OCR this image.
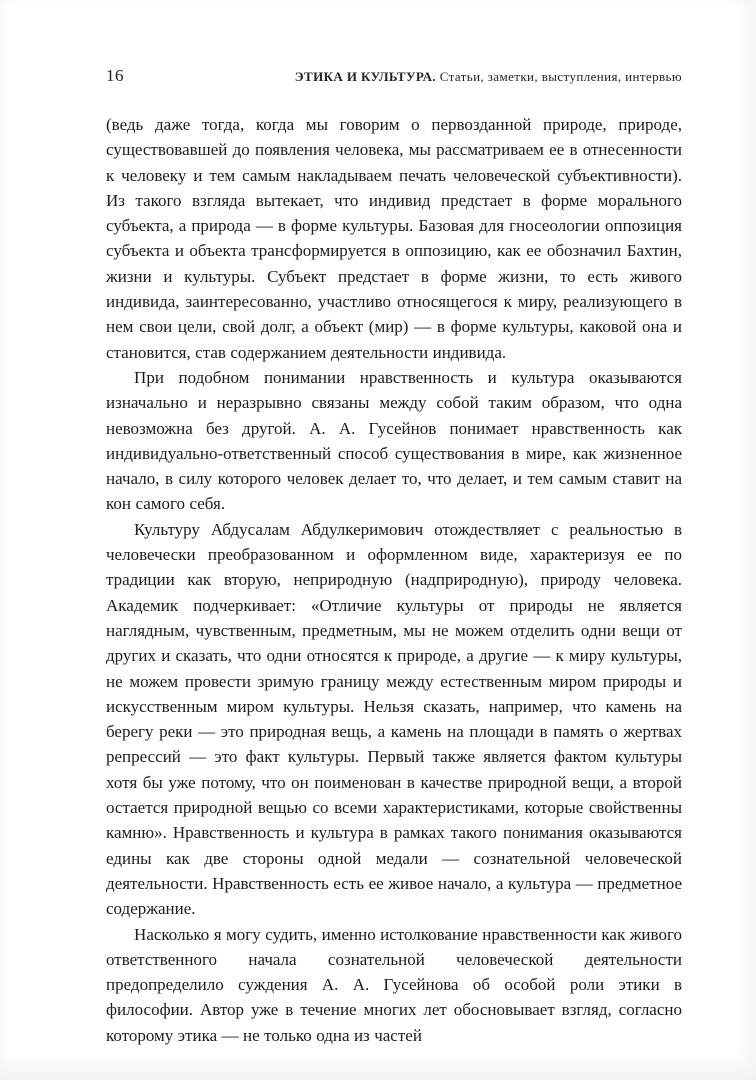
16	ЭТИКА И КУЛЬТУРА. Статьи, заметки, выступления, интервью

(ведь даже тогда, когда мы говорим о первозданной природе, природе, существовавшей до появления человека, мы рассматриваем ее в отнесенности к человеку и тем самым накладываем печать человеческой субъективности). Из такого взгляда вытекает, что индивид предстает в форме морального субъекта, а природа — в форме культуры. Базовая для гносеологии оппозиция субъекта и объекта трансформируется в оппозицию, как ее обозначил Бахтин, жизни и культуры. Субъект предстает в форме жизни, то есть живого индивида, заинтересованно, участливо относящегося к миру, реализующего в нем свои цели, свой долг, а объект (мир) — в форме культуры, каковой она и становится, став содержанием деятельности индивида.

При подобном понимании нравственность и культура оказываются изначально и неразрывно связаны между собой таким образом, что одна невозможна без другой. А. А. Гусейнов понимает нравственность как индивидуально-ответственный способ существования в мире, как жизненное начало, в силу которого человек делает то, что делает, и тем самым ставит на кон самого себя.

Культуру Абдусалам Абдулкеримович отождествляет с реальностью в человечески преобразованном и оформленном виде, характеризуя ее по традиции как вторую, неприродную (надприродную), природу человека. Академик подчеркивает: «Отличие культуры от природы не является наглядным, чувственным, предметным, мы не можем отделить одни вещи от других и сказать, что одни относятся к природе, а другие — к миру культуры, не можем провести зримую границу между естественным миром природы и искусственным миром культуры. Нельзя сказать, например, что камень на берегу реки — это природная вещь, а камень на площади в память о жертвах репрессий — это факт культуры. Первый также является фактом культуры хотя бы уже потому, что он поименован в качестве природной вещи, а второй остается природной вещью со всеми характеристиками, которые свойственны камню». Нравственность и культура в рамках такого понимания оказываются едины как две стороны одной медали — сознательной человеческой деятельности. Нравственность есть ее живое начало, а культура — предметное содержание.

Насколько я могу судить, именно истолкование нравственности как живого ответственного начала сознательной человеческой деятельности предопределило суждения А. А. Гусейнова об особой роли этики в философии. Автор уже в течение многих лет обосновывает взгляд, согласно которому этика — не только одна из частей
